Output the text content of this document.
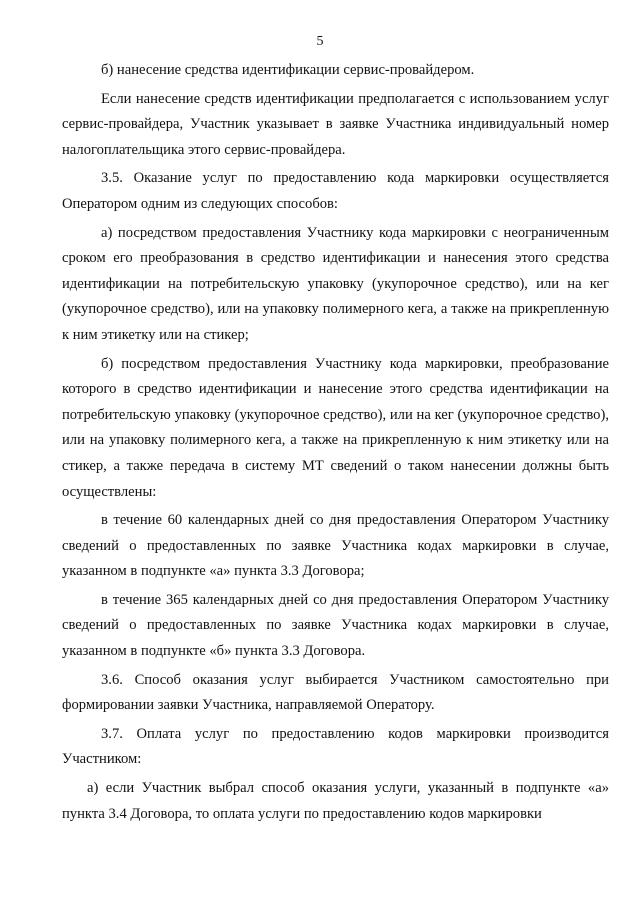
5

б) нанесение средства идентификации сервис-провайдером.

Если нанесение средств идентификации предполагается с использованием услуг сервис-провайдера, Участник указывает в заявке Участника индивидуальный номер налогоплательщика этого сервис-провайдера.

3.5. Оказание услуг по предоставлению кода маркировки осуществляется Оператором одним из следующих способов:

а) посредством предоставления Участнику кода маркировки с неограниченным сроком его преобразования в средство идентификации и нанесения этого средства идентификации на потребительскую упаковку (укупорочное средство), или на кег (укупорочное средство), или на упаковку полимерного кега, а также на прикрепленную к ним этикетку или на стикер;

б) посредством предоставления Участнику кода маркировки, преобразование которого в средство идентификации и нанесение этого средства идентификации на потребительскую упаковку (укупорочное средство), или на кег (укупорочное средство), или на упаковку полимерного кега, а также на прикрепленную к ним этикетку или на стикер, а также передача в систему МТ сведений о таком нанесении должны быть осуществлены:

в течение 60 календарных дней со дня предоставления Оператором Участнику сведений о предоставленных по заявке Участника кодах маркировки в случае, указанном в подпункте «а» пункта 3.3 Договора;

в течение 365 календарных дней со дня предоставления Оператором Участнику сведений о предоставленных по заявке Участника кодах маркировки в случае, указанном в подпункте «б» пункта 3.3 Договора.

3.6. Способ оказания услуг выбирается Участником самостоятельно при формировании заявки Участника, направляемой Оператору.

3.7. Оплата услуг по предоставлению кодов маркировки производится Участником:

а) если Участник выбрал способ оказания услуги, указанный в подпункте «а» пункта 3.4 Договора, то оплата услуги по предоставлению кодов маркировки
